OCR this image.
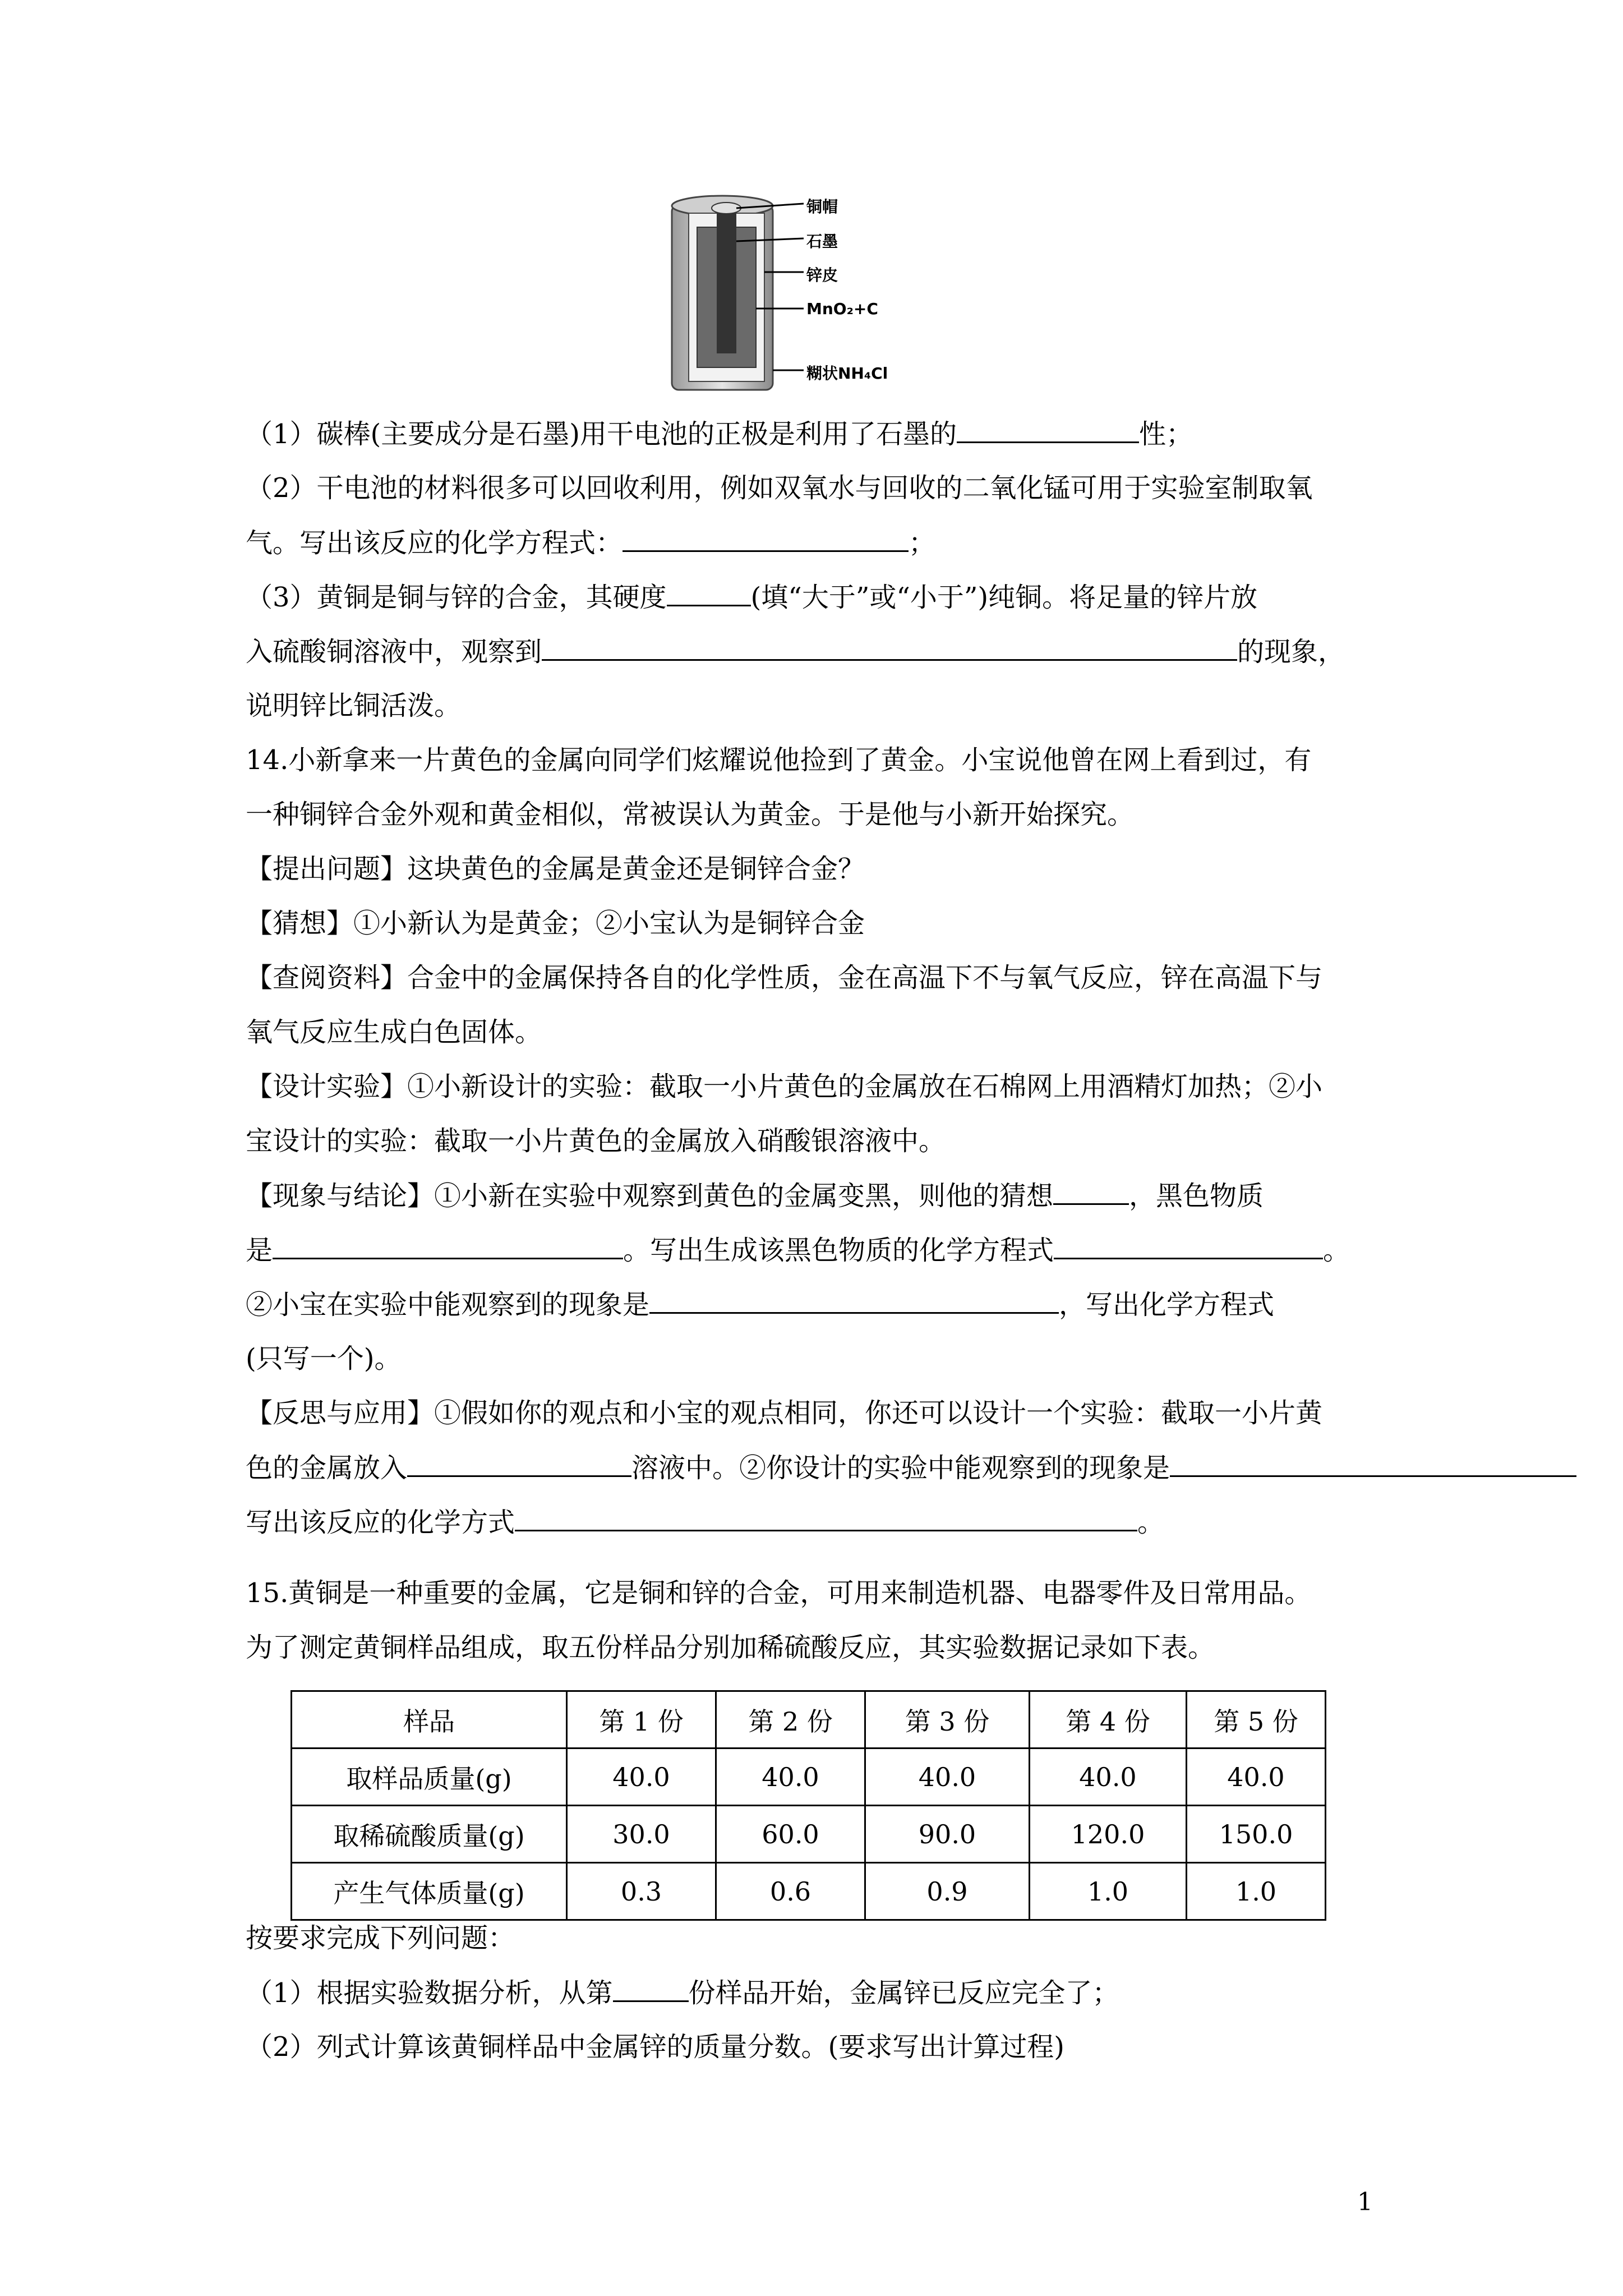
铜帽
石墨
锌皮
MnO₂+C
糊状NH₄Cl
（1）碳棒(主要成分是石墨)用干电池的正极是利用了石墨的	性；
（2）干电池的材料很多可以回收利用，例如双氧水与回收的二氧化锰可用于实验室制取氧
气。写出该反应的化学方程式：	；
（3）黄铜是铜与锌的合金，其硬度	(填“大于”或“小于”)纯铜。将足量的锌片放
入硫酸铜溶液中，观察到	的现象，
说明锌比铜活泼。
14.小新拿来一片黄色的金属向同学们炫耀说他捡到了黄金。小宝说他曾在网上看到过，有
一种铜锌合金外观和黄金相似，常被误认为黄金。于是他与小新开始探究。
【提出问题】这块黄色的金属是黄金还是铜锌合金？
【猜想】①小新认为是黄金；②小宝认为是铜锌合金
【查阅资料】合金中的金属保持各自的化学性质，金在高温下不与氧气反应，锌在高温下与
氧气反应生成白色固体。
【设计实验】①小新设计的实验：截取一小片黄色的金属放在石棉网上用酒精灯加热；②小
宝设计的实验：截取一小片黄色的金属放入硝酸银溶液中。
【现象与结论】①小新在实验中观察到黄色的金属变黑，则他的猜想	，黑色物质
是	。写出生成该黑色物质的化学方程式	。
②小宝在实验中能观察到的现象是	，写出化学方程式
(只写一个)。
【反思与应用】①假如你的观点和小宝的观点相同，你还可以设计一个实验：截取一小片黄
色的金属放入	溶液中。②你设计的实验中能观察到的现象是
写出该反应的化学方式	。
15.黄铜是一种重要的金属，它是铜和锌的合金，可用来制造机器、电器零件及日常用品。
为了测定黄铜样品组成，取五份样品分别加稀硫酸反应，其实验数据记录如下表。
样品	第 1 份	第 2 份	第 3 份	第 4 份	第 5 份
取样品质量(g)	40.0	40.0	40.0	40.0	40.0
取稀硫酸质量(g)	30.0	60.0	90.0	120.0	150.0
产生气体质量(g)	0.3	0.6	0.9	1.0	1.0
按要求完成下列问题：
（1）根据实验数据分析，从第	份样品开始，金属锌已反应完全了；
（2）列式计算该黄铜样品中金属锌的质量分数。(要求写出计算过程)
1
